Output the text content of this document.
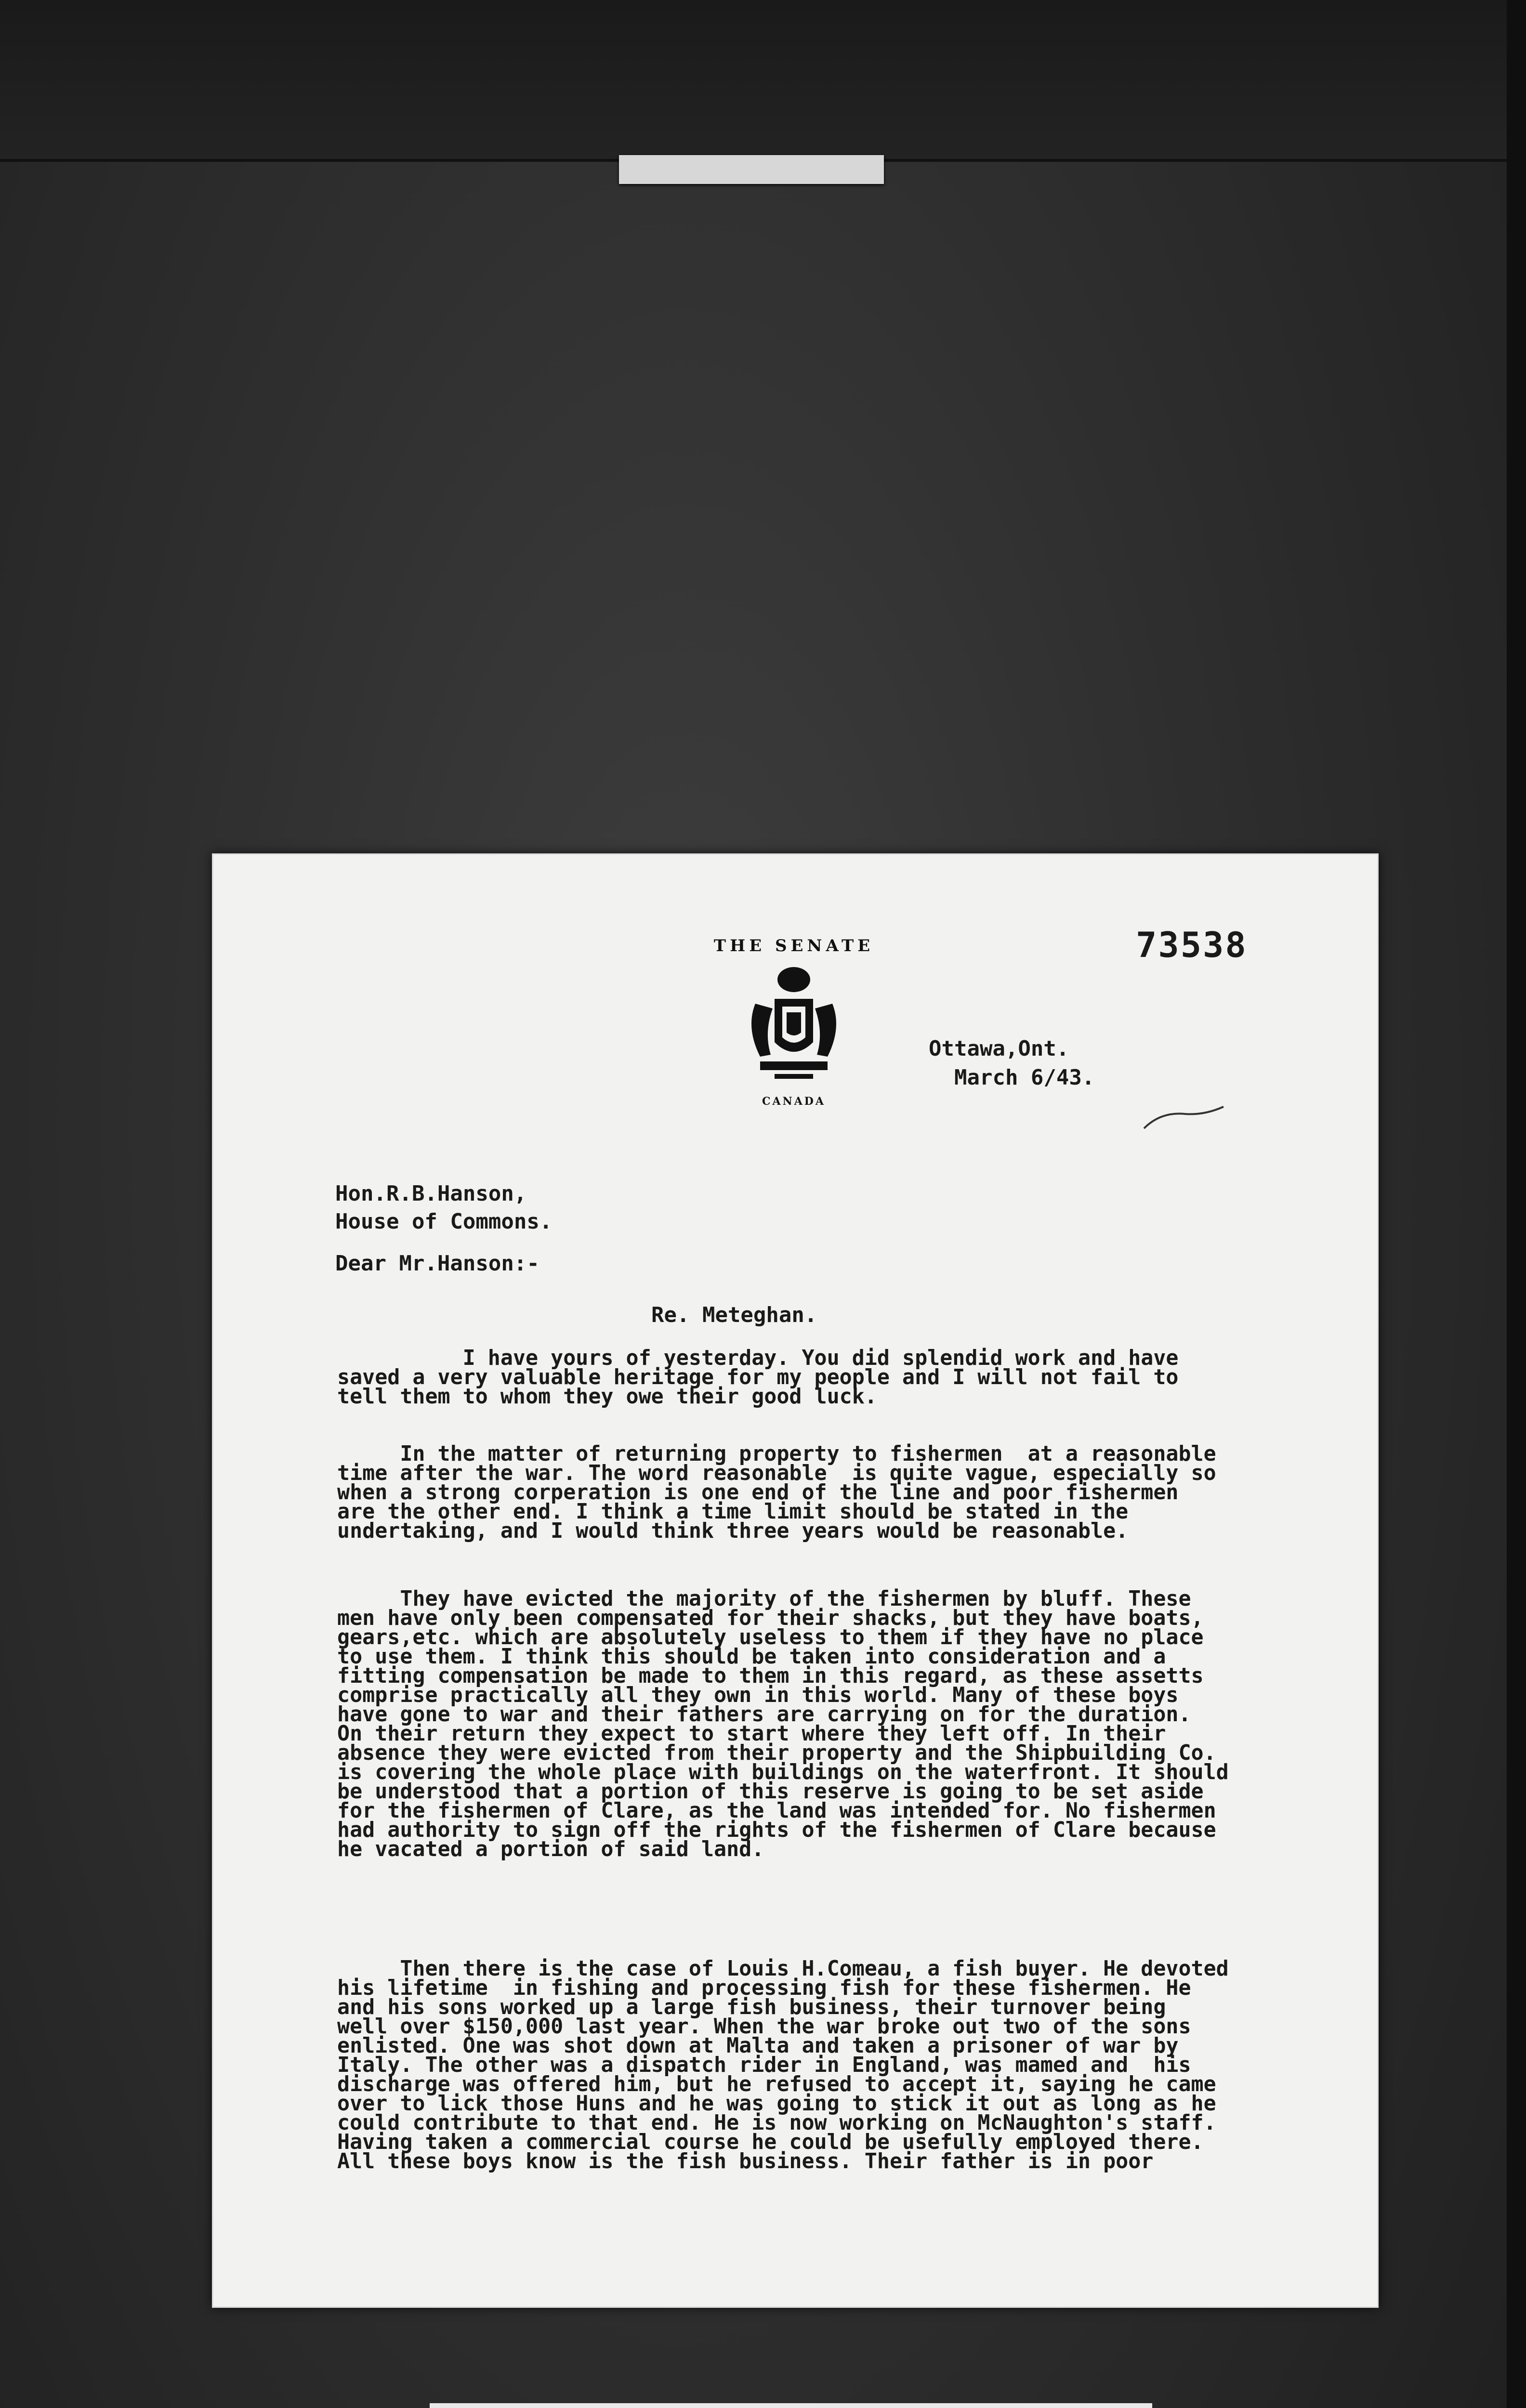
73538
THE SENATE
CANADA
Ottawa,Ont.
March 6/43.
Hon.R.B.Hanson,
House of Commons.
Dear Mr.Hanson:-
Re. Meteghan.
I have yours of yesterday. You did splendid work and have
saved a very valuable heritage for my people and I will not fail to
tell them to whom they owe their good luck.
In the matter of returning property to fishermen  at a reasonable
time after the war. The word reasonable  is quite vague, especially so
when a strong corperation is one end of the line and poor fishermen
are the other end. I think a time limit should be stated in the
undertaking, and I would think three years would be reasonable.
They have evicted the majority of the fishermen by bluff. These
men have only been compensated for their shacks, but they have boats,
gears,etc. which are absolutely useless to them if they have no place
to use them. I think this should be taken into consideration and a
fitting compensation be made to them in this regard, as these assetts
comprise practically all they own in this world. Many of these boys
have gone to war and their fathers are carrying on for the duration.
On their return they expect to start where they left off. In their
absence they were evicted from their property and the Shipbuilding Co.
is covering the whole place with buildings on the waterfront. It should
be understood that a portion of this reserve is going to be set aside
for the fishermen of Clare, as the land was intended for. No fishermen
had authority to sign off the rights of the fishermen of Clare because
he vacated a portion of said land.
Then there is the case of Louis H.Comeau, a fish buyer. He devoted
his lifetime  in fishing and processing fish for these fishermen. He
and his sons worked up a large fish business, their turnover being
well over $150,000 last year. When the war broke out two of the sons
enlisted. One was shot down at Malta and taken a prisoner of war by
Italy. The other was a dispatch rider in England, was mamed and  his
discharge was offered him, but he refused to accept it, saying he came
over to lick those Huns and he was going to stick it out as long as he
could contribute to that end. He is now working on McNaughton's staff.
Having taken a commercial course he could be usefully employed there.
All these boys know is the fish business. Their father is in poor
